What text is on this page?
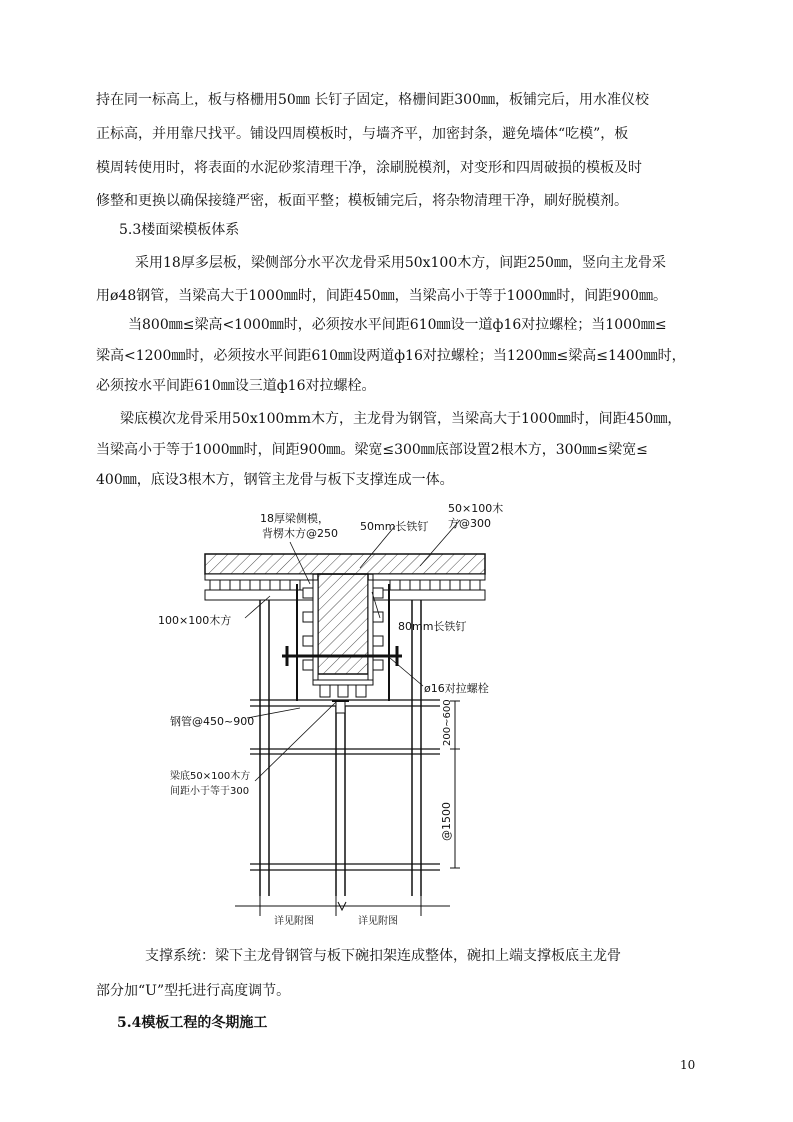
持在同一标高上，板与格栅用50㎜ 长钉子固定，格栅间距300㎜，板铺完后，用水准仪校
正标高，并用靠尺找平。铺设四周模板时，与墙齐平，加密封条，避免墙体“吃模”，板
模周转使用时，将表面的水泥砂浆清理干净，涂刷脱模剂，对变形和四周破损的模板及时
修整和更换以确保接缝严密，板面平整；模板铺完后，将杂物清理干净，刷好脱模剂。
5.3楼面梁模板体系
采用18厚多层板，梁侧部分水平次龙骨采用50x100木方，间距250㎜，竖向主龙骨采
用ø48钢管，当梁高大于1000㎜时，间距450㎜，当梁高小于等于1000㎜时，间距900㎜。
当800㎜≤梁高<1000㎜时，必须按水平间距610㎜设一道ф16对拉螺栓；当1000㎜≤
梁高<1200㎜时，必须按水平间距610㎜设两道ф16对拉螺栓；当1200㎜≤梁高≤1400㎜时，
必须按水平间距610㎜设三道ф16对拉螺栓。
梁底模次龙骨采用50x100mm木方，主龙骨为钢管，当梁高大于1000㎜时，间距450㎜，
当梁高小于等于1000㎜时，间距900㎜。梁宽≤300㎜底部设置2根木方，300㎜≤梁宽≤
400㎜，底设3根木方，钢管主龙骨与板下支撑连成一体。
18厚梁侧模，
背楞木方@250
50mm长铁钉
50×100木
方@300
100×100木方	80mm长铁钉
ø16对拉螺栓
钢管@450~900
梁底50×100木方
间距小于等于300
200~600
@1500
详见附图	详见附图
支撑系统：梁下主龙骨钢管与板下碗扣架连成整体，碗扣上端支撑板底主龙骨
部分加“U”型托进行高度调节。
5.4模板工程的冬期施工
10
